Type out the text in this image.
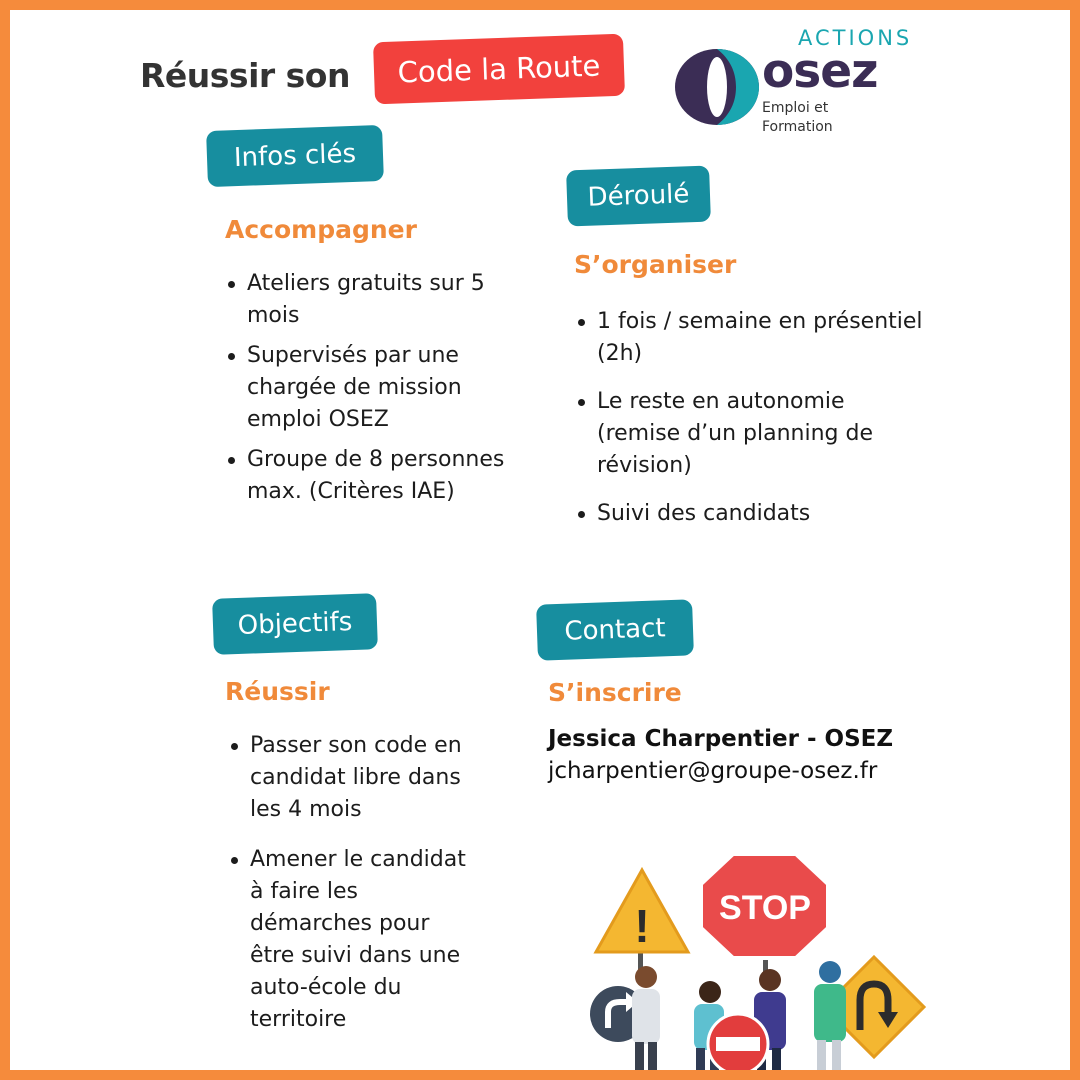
Réussir son	Code la Route
ACTIONS
osez
Emploi et
Formation
Infos clés
Accompagner
Ateliers gratuits sur 5 mois
Supervisés par une chargée de mission emploi OSEZ
Groupe de 8 personnes max. (Critères IAE)
Déroulé
S’organiser
1 fois / semaine en présentiel (2h)
Le reste en autonomie (remise d’un planning de révision)
Suivi des candidats
Objectifs
Réussir
Passer son code en candidat libre dans les 4 mois
Amener le candidat à faire les démarches pour être suivi dans une auto-école du territoire
Contact
S’inscrire
Jessica Charpentier - OSEZ
jcharpentier@groupe-osez.fr
! STOP
